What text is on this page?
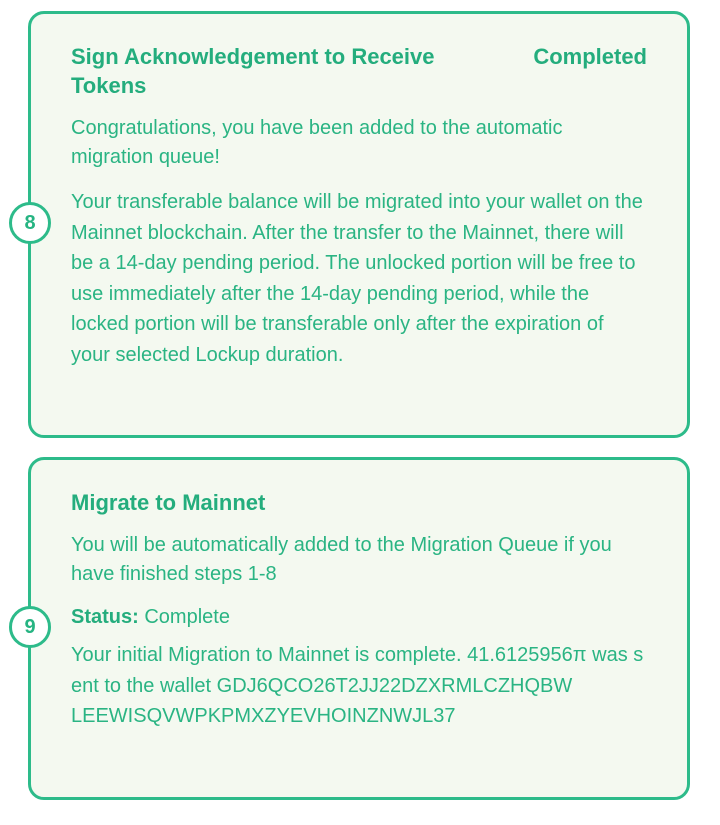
Sign Acknowledgement to Receive Tokens
Completed

Congratulations, you have been added to the automatic migration queue!

Your transferable balance will be migrated into your wallet on the Mainnet blockchain. After the transfer to the Mainnet, there will be a 14-day pending period. The unlocked portion will be free to use immediately after the 14-day pending period, while the locked portion will be transferable only after the expiration of your selected Lockup duration.

8
Migrate to Mainnet

You will be automatically added to the Migration Queue if you have finished steps 1-8

Status: Complete

Your initial Migration to Mainnet is complete. 41.6125956π was sent to the wallet GDJ6QCO26T2JJ22DZXRMLCZHQBW
LEEWISQVWPKPMXZYEVHOINZNWJL37

9
